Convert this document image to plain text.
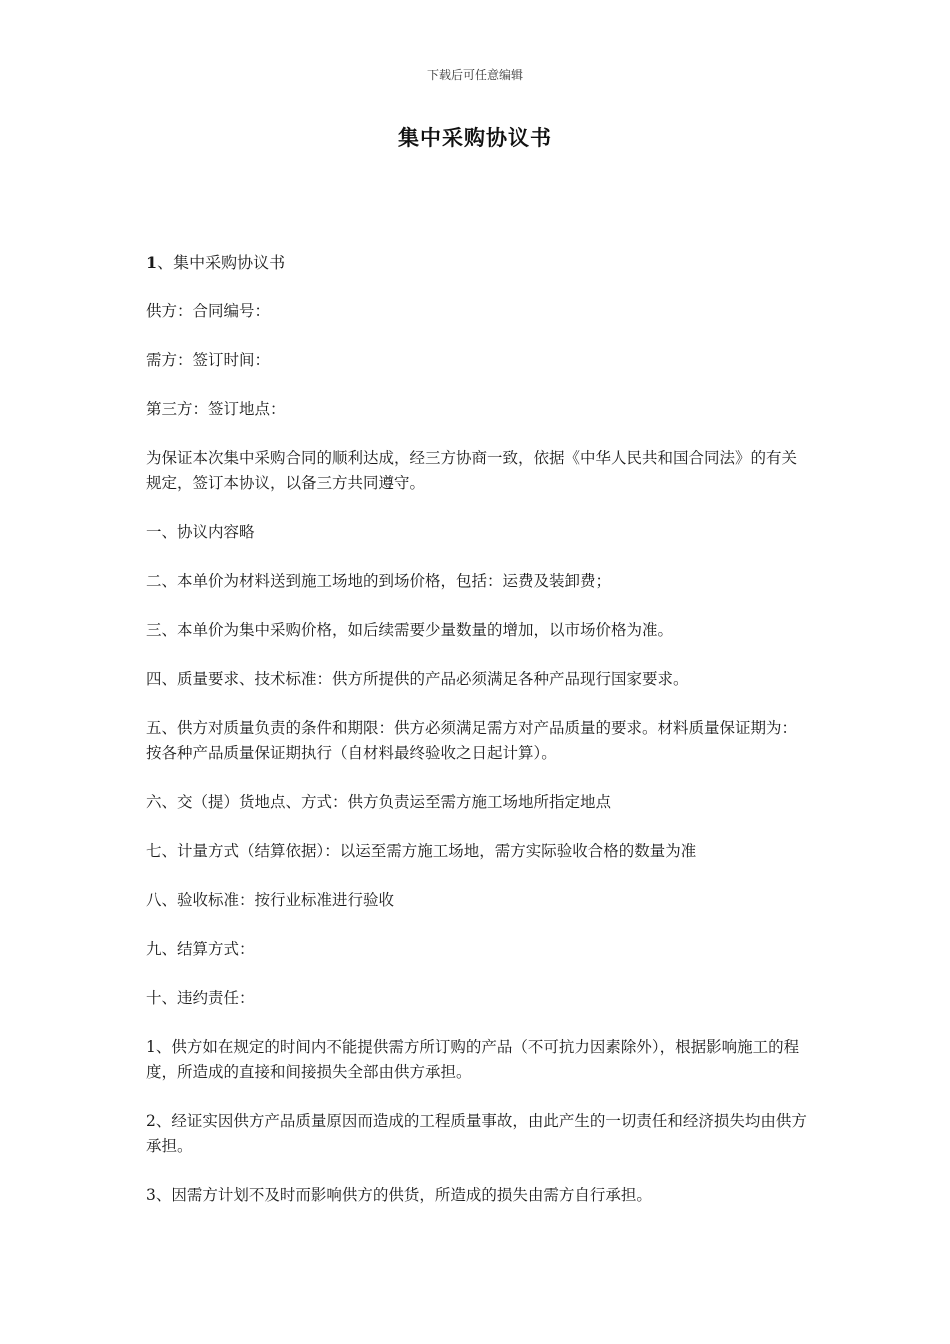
下载后可任意编辑
集中采购协议书

1、集中采购协议书

供方：合同编号：

需方：签订时间：

第三方：签订地点：

为保证本次集中采购合同的顺利达成，经三方协商一致，依据《中华人民共和国合同法》的有关规定，签订本协议，以备三方共同遵守。

一、协议内容略

二、本单价为材料送到施工场地的到场价格，包括：运费及装卸费；

三、本单价为集中采购价格，如后续需要少量数量的增加，以市场价格为准。

四、质量要求、技术标准：供方所提供的产品必须满足各种产品现行国家要求。

五、供方对质量负责的条件和期限：供方必须满足需方对产品质量的要求。材料质量保证期为：按各种产品质量保证期执行（自材料最终验收之日起计算）。

六、交（提）货地点、方式：供方负责运至需方施工场地所指定地点

七、计量方式（结算依据）：以运至需方施工场地，需方实际验收合格的数量为准

八、验收标准：按行业标准进行验收

九、结算方式：

十、违约责任：

1、供方如在规定的时间内不能提供需方所订购的产品（不可抗力因素除外），根据影响施工的程度，所造成的直接和间接损失全部由供方承担。

2、经证实因供方产品质量原因而造成的工程质量事故，由此产生的一切责任和经济损失均由供方承担。

3、因需方计划不及时而影响供方的供货，所造成的损失由需方自行承担。
